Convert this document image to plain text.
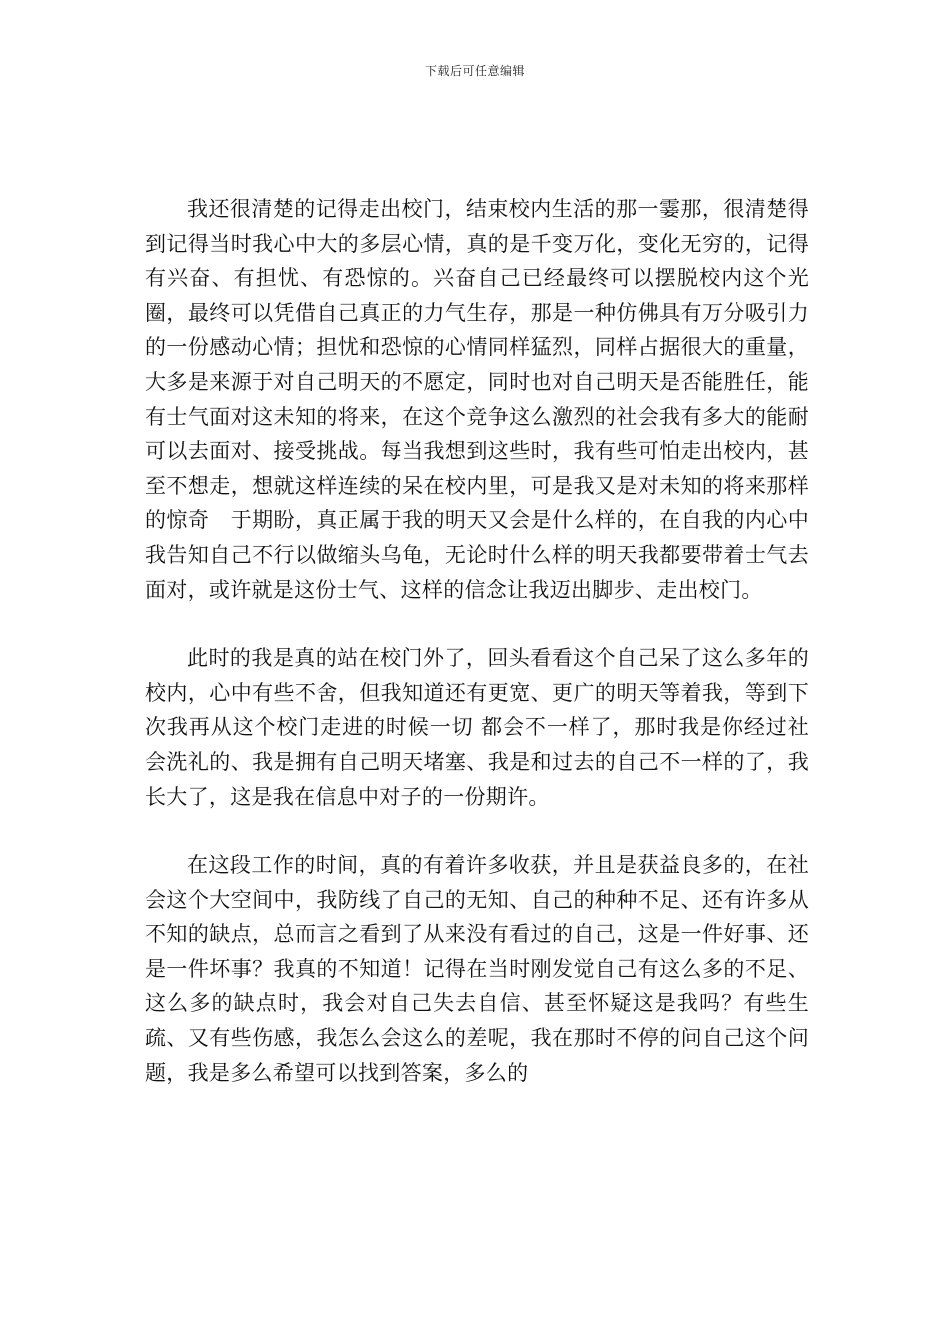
下载后可任意编辑

我还很清楚的记得走出校门，结束校内生活的那一霎那，很清楚得到记得当时我心中大的多层心情，真的是千变万化，变化无穷的，记得有兴奋、有担忧、有恐惊的。兴奋自己已经最终可以摆脱校内这个光圈，最终可以凭借自己真正的力气生存，那是一种仿佛具有万分吸引力的一份感动心情；担忧和恐惊的心情同样猛烈，同样占据很大的重量，大多是来源于对自己明天的不愿定，同时也对自己明天是否能胜任，能有士气面对这未知的将来，在这个竞争这么激烈的社会我有多大的能耐可以去面对、接受挑战。每当我想到这些时，我有些可怕走出校内，甚至不想走，想就这样连续的呆在校内里，可是我又是对未知的将来那样的惊奇　于期盼，真正属于我的明天又会是什么样的，在自我的内心中我告知自己不行以做缩头乌龟，无论时什么样的明天我都要带着士气去面对，或许就是这份士气、这样的信念让我迈出脚步、走出校门。

此时的我是真的站在校门外了，回头看看这个自己呆了这么多年的校内，心中有些不舍，但我知道还有更宽、更广的明天等着我，等到下次我再从这个校门走进的时候一切 都会不一样了，那时我是你经过社会洗礼的、我是拥有自己明天堵塞、我是和过去的自己不一样的了，我长大了，这是我在信息中对子的一份期许。

在这段工作的时间，真的有着许多收获，并且是获益良多的，在社会这个大空间中，我防线了自己的无知、自己的种种不足、还有许多从不知的缺点，总而言之看到了从来没有看过的自己，这是一件好事、还是一件坏事？我真的不知道！记得在当时刚发觉自己有这么多的不足、这么多的缺点时，我会对自己失去自信、甚至怀疑这是我吗？有些生疏、又有些伤感，我怎么会这么的差呢，我在那时不停的问自己这个问题，我是多么希望可以找到答案，多么的
